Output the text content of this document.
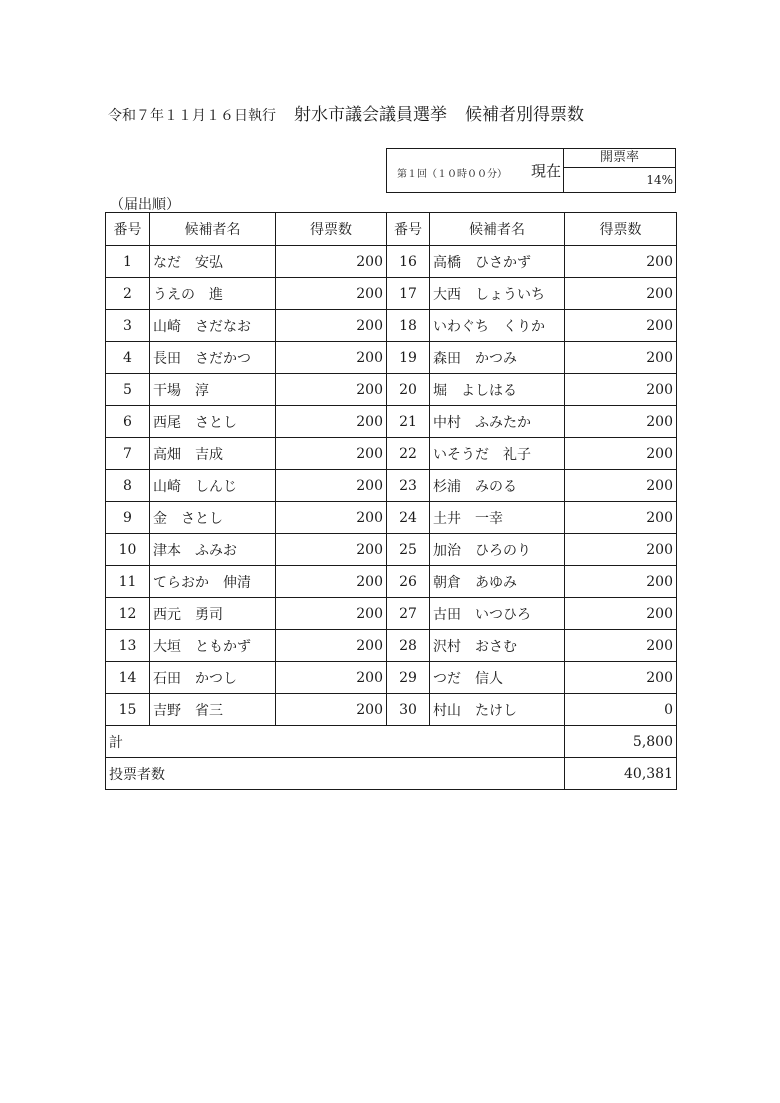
令和７年１１月１６日執行 射水市議会議員選挙 候補者別得票数
第１回（１０時００分） 現在
開票率
14%
（届出順）
番号	候補者名	得票数	番号	候補者名	得票数
1	なだ　安弘	200	16	高橋　ひさかず	200
2	うえの　進	200	17	大西　しょういち	200
3	山崎　さだなお	200	18	いわぐち　くりか	200
4	長田　さだかつ	200	19	森田　かつみ	200
5	干場　淳	200	20	堀　よしはる	200
6	西尾　さとし	200	21	中村　ふみたか	200
7	高畑　吉成	200	22	いそうだ　礼子	200
8	山崎　しんじ	200	23	杉浦　みのる	200
9	金　さとし	200	24	土井　一幸	200
10	津本　ふみお	200	25	加治　ひろのり	200
11	てらおか　伸清	200	26	朝倉　あゆみ	200
12	西元　勇司	200	27	古田　いつひろ	200
13	大垣　ともかず	200	28	沢村　おさむ	200
14	石田　かつし	200	29	つだ　信人	200
15	吉野　省三	200	30	村山　たけし	0
計					5,800
投票者数					40,381
